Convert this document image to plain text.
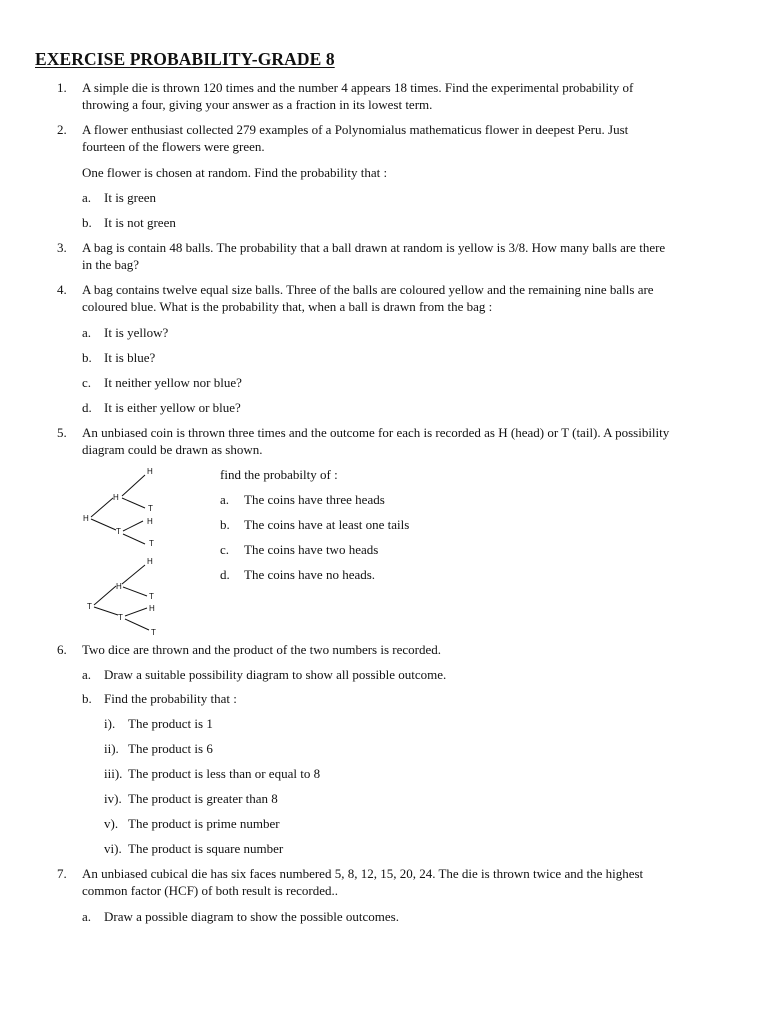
EXERCISE PROBABILITY-GRADE 8
1. A simple die is thrown 120 times and the number 4 appears 18 times. Find the experimental probability of
throwing a four, giving your answer as a fraction in its lowest term.
2. A flower enthusiast collected 279 examples of a Polynomialus mathematicus flower in deepest Peru. Just
fourteen of the flowers were green.
One flower is chosen at random. Find the probability that :
a. It is green
b. It is not green
3. A bag is contain 48 balls. The probability that a ball drawn at random is yellow is 3/8. How many balls are there
in the bag?
4. A bag contains twelve equal size balls. Three of the balls are coloured yellow and the remaining nine balls are
coloured blue. What is the probability that, when a ball is drawn from the bag :
a. It is yellow?
b. It is blue?
c. It neither yellow nor blue?
d. It is either yellow or blue?
5. An unbiased coin is thrown three times and the outcome for each is recorded as H (head) or T (tail). A possibility
diagram could be drawn as shown.
H
H
T
H	H
T
T
H
H
T
T	H
T
T
find the probabilty of :
a. The coins have three heads
b. The coins have at least one tails
c. The coins have two heads
d. The coins have no heads.
6. Two dice are thrown and the product of the two numbers is recorded.
a. Draw a suitable possibility diagram to show all possible outcome.
b. Find the probability that :
i). The product is 1
ii). The product is 6
iii). The product is less than or equal to 8
iv). The product is greater than 8
v). The product is prime number
vi). The product is square number
7. An unbiased cubical die has six faces numbered 5, 8, 12, 15, 20, 24. The die is thrown twice and the highest
common factor (HCF) of both result is recorded..
a. Draw a possible diagram to show the possible outcomes.
